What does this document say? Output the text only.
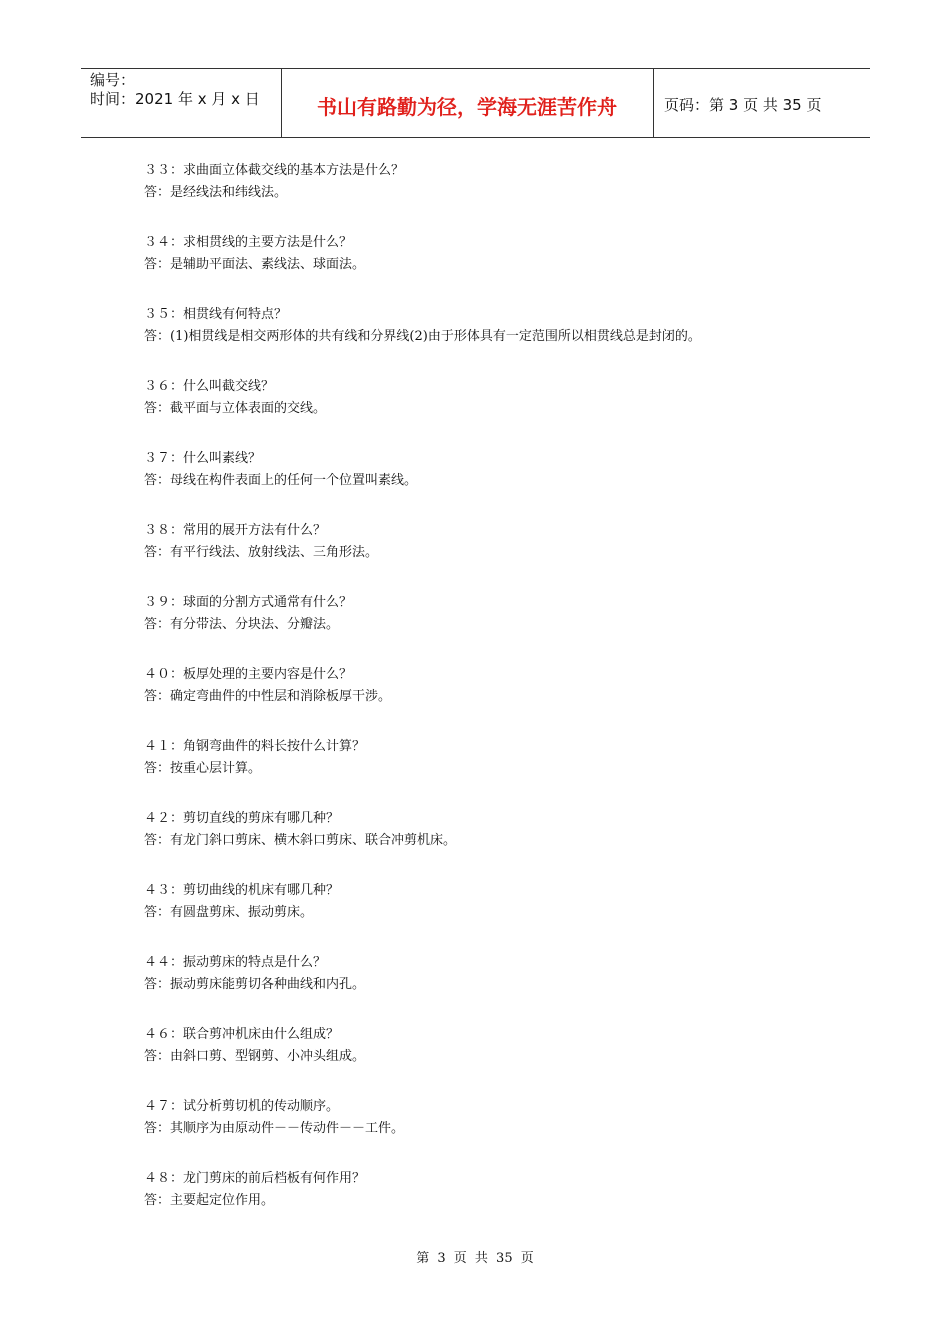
编号：
时间：2021 年 x 月 x 日	书山有路勤为径，学海无涯苦作舟	页码：第 3 页 共 35 页
３３：求曲面立体截交线的基本方法是什么？
答：是经线法和纬线法。
３４：求相贯线的主要方法是什么？
答：是辅助平面法、素线法、球面法。
３５：相贯线有何特点？
答：(1)相贯线是相交两形体的共有线和分界线(2)由于形体具有一定范围所以相贯线总是封闭的。
３６：什么叫截交线？
答：截平面与立体表面的交线。
３７：什么叫素线？
答：母线在构件表面上的任何一个位置叫素线。
３８：常用的展开方法有什么？
答：有平行线法、放射线法、三角形法。
３９：球面的分割方式通常有什么？
答：有分带法、分块法、分瓣法。
４０：板厚处理的主要内容是什么？
答：确定弯曲件的中性层和消除板厚干涉。
４１：角钢弯曲件的料长按什么计算？
答：按重心层计算。
４２：剪切直线的剪床有哪几种？
答：有龙门斜口剪床、横木斜口剪床、联合冲剪机床。
４３：剪切曲线的机床有哪几种？
答：有圆盘剪床、振动剪床。
４４：振动剪床的特点是什么？
答：振动剪床能剪切各种曲线和内孔。
４６：联合剪冲机床由什么组成？
答：由斜口剪、型钢剪、小冲头组成。
４７：试分析剪切机的传动顺序。
答：其顺序为由原动件－－传动件－－工件。
４８：龙门剪床的前后档板有何作用？
答：主要起定位作用。
第 3 页 共 35 页
